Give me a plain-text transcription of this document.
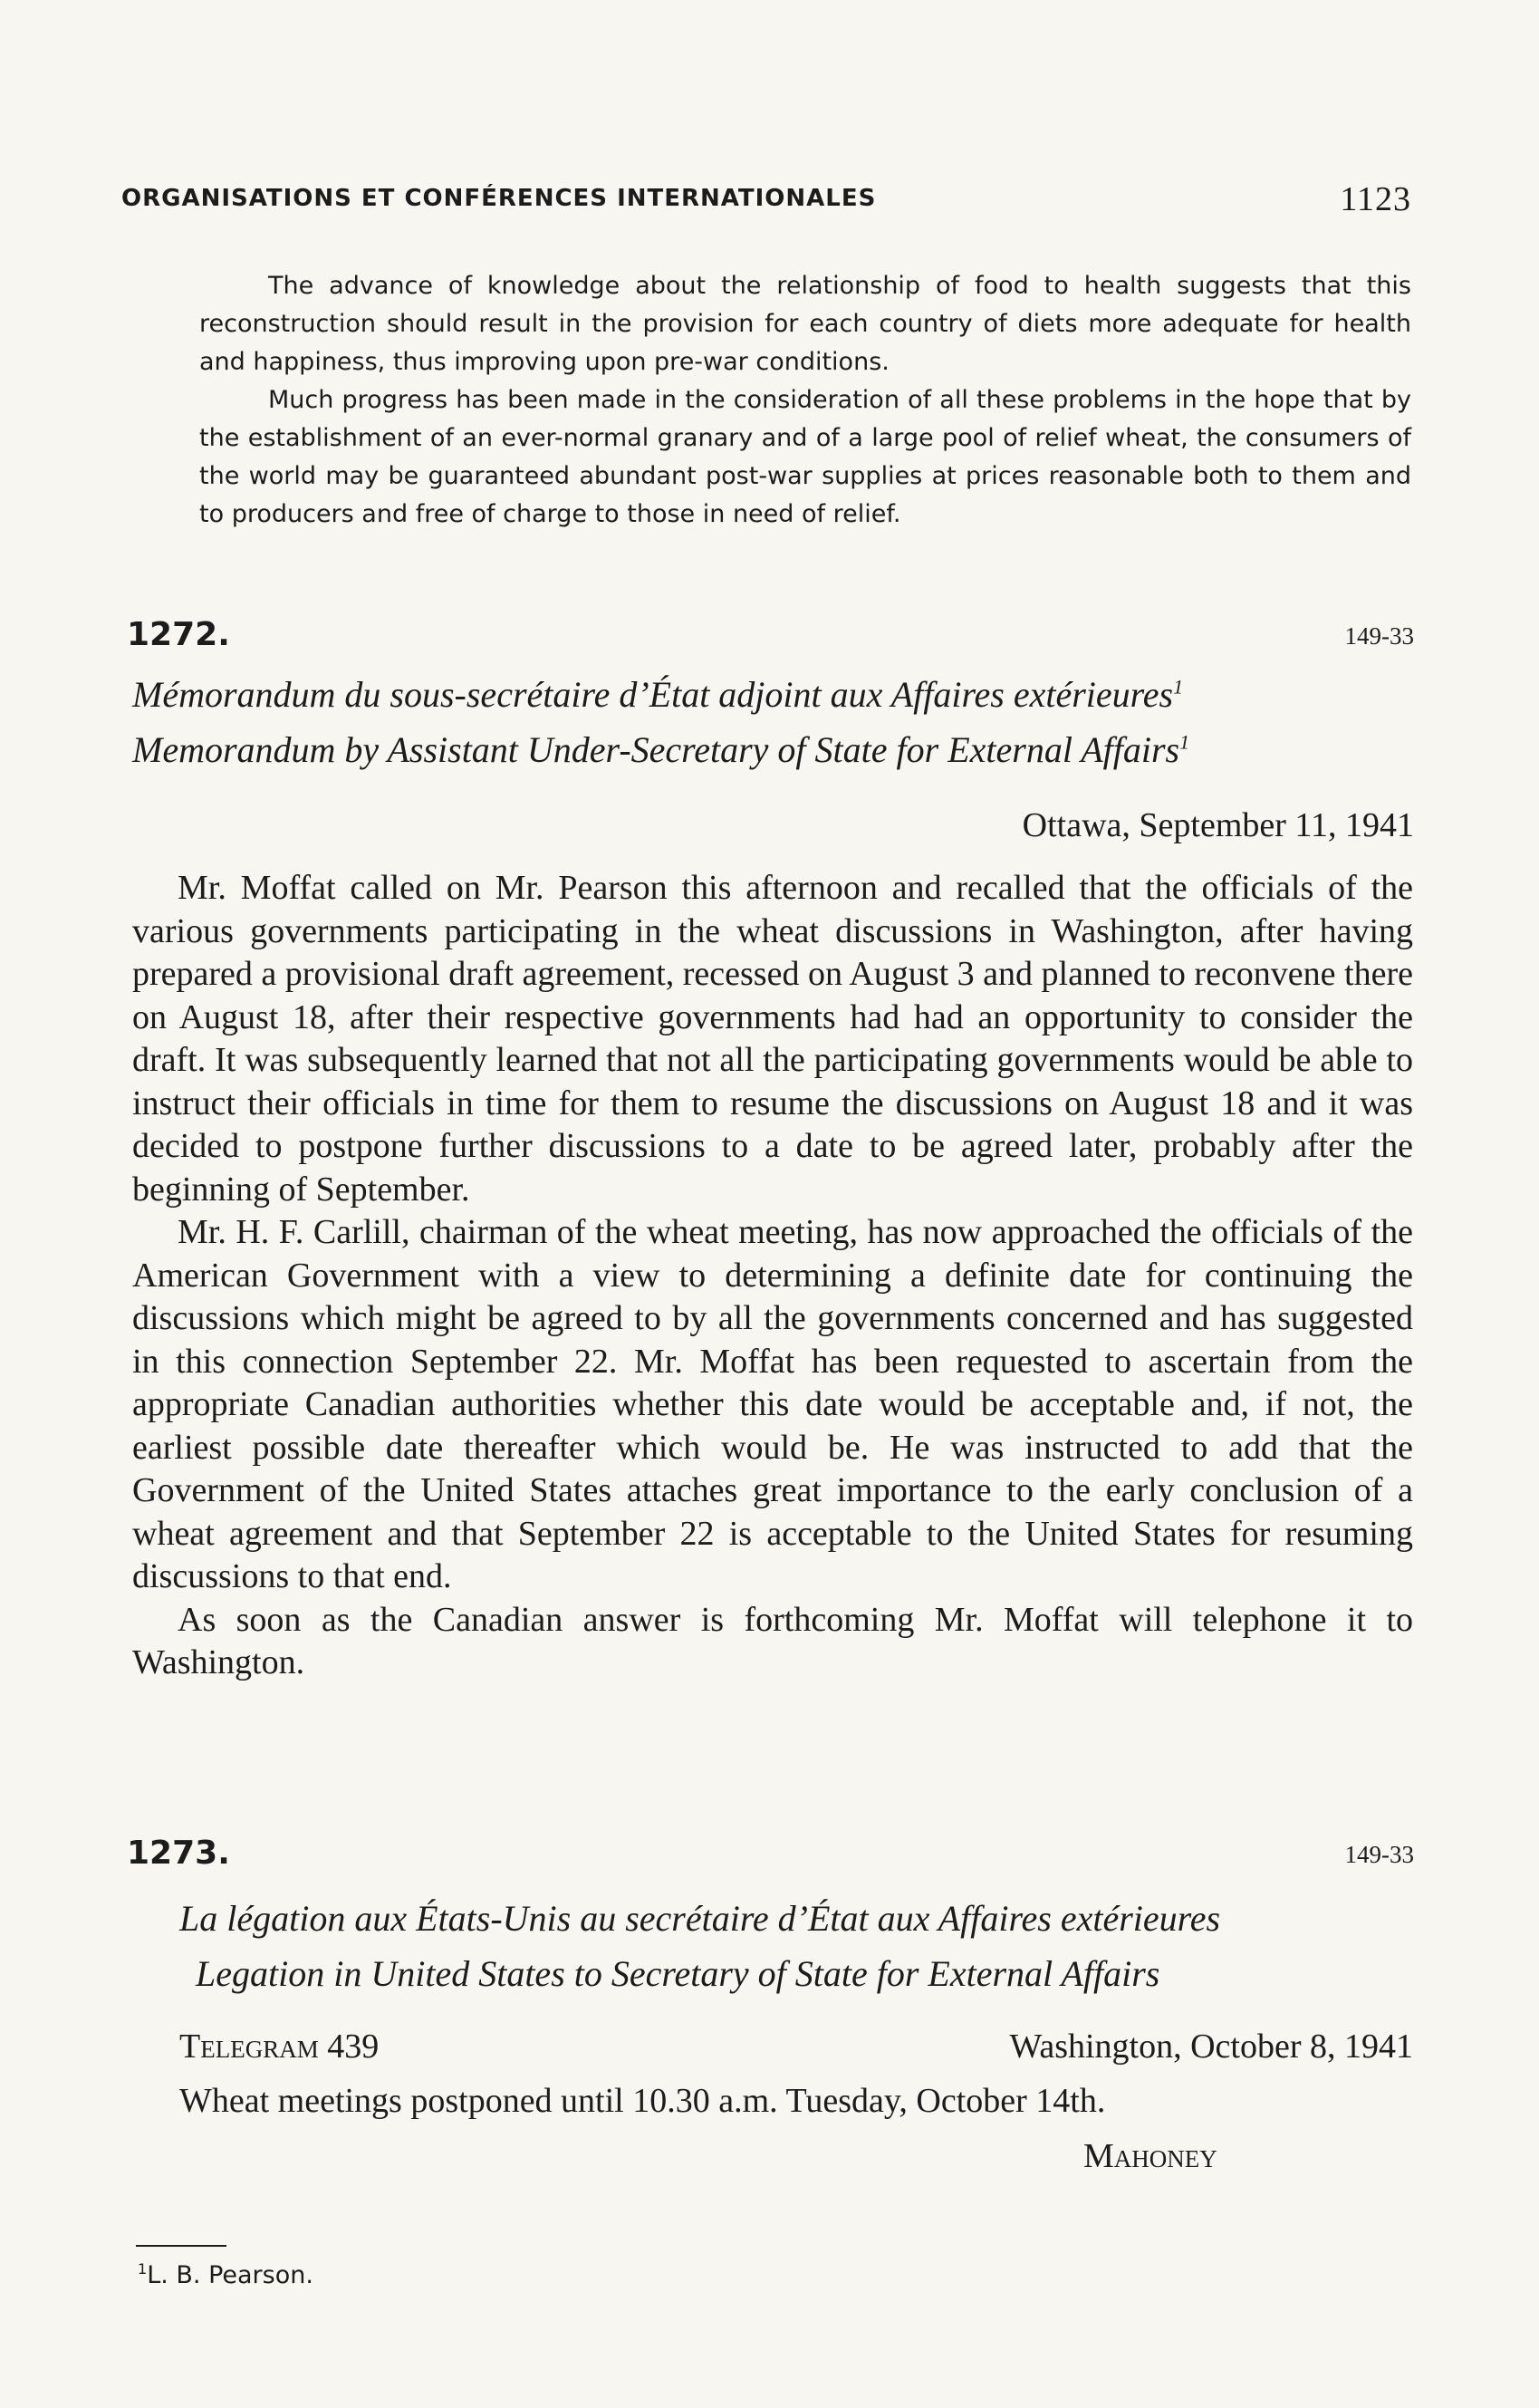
ORGANISATIONS ET CONFÉRENCES INTERNATIONALES	1123

The advance of knowledge about the relationship of food to health suggests that this reconstruction should result in the provision for each country of diets more adequate for health and happiness, thus improving upon pre-war conditions.

Much progress has been made in the consideration of all these problems in the hope that by the establishment of an ever-normal granary and of a large pool of relief wheat, the consumers of the world may be guaranteed abundant post-war supplies at prices reasonable both to them and to producers and free of charge to those in need of relief.

1272.	149-33
Mémorandum du sous-secrétaire d’État adjoint aux Affaires extérieures$^1$
Memorandum by Assistant Under-Secretary of State for External Affairs$^1$
Ottawa, September 11, 1941

Mr. Moffat called on Mr. Pearson this afternoon and recalled that the officials of the various governments participating in the wheat discussions in Washington, after having prepared a provisional draft agreement, recessed on August 3 and planned to reconvene there on August 18, after their respective governments had had an opportunity to consider the draft. It was subsequently learned that not all the participating governments would be able to instruct their officials in time for them to resume the discussions on August 18 and it was decided to postpone further discussions to a date to be agreed later, probably after the beginning of September.

Mr. H. F. Carlill, chairman of the wheat meeting, has now approached the officials of the American Government with a view to determining a definite date for continuing the discussions which might be agreed to by all the governments concerned and has suggested in this connection September 22. Mr. Moffat has been requested to ascertain from the appropriate Canadian authorities whether this date would be acceptable and, if not, the earliest possible date thereafter which would be. He was instructed to add that the Government of the United States attaches great importance to the early conclusion of a wheat agreement and that September 22 is acceptable to the United States for resuming discussions to that end.

As soon as the Canadian answer is forthcoming Mr. Moffat will telephone it to Washington.

1273.	149-33
La légation aux États-Unis au secrétaire d’État aux Affaires extérieures
Legation in United States to Secretary of State for External Affairs
Telegram 439	Washington, October 8, 1941
Wheat meetings postponed until 10.30 a.m. Tuesday, October 14th.
Mahoney
$^1$L. B. Pearson.
